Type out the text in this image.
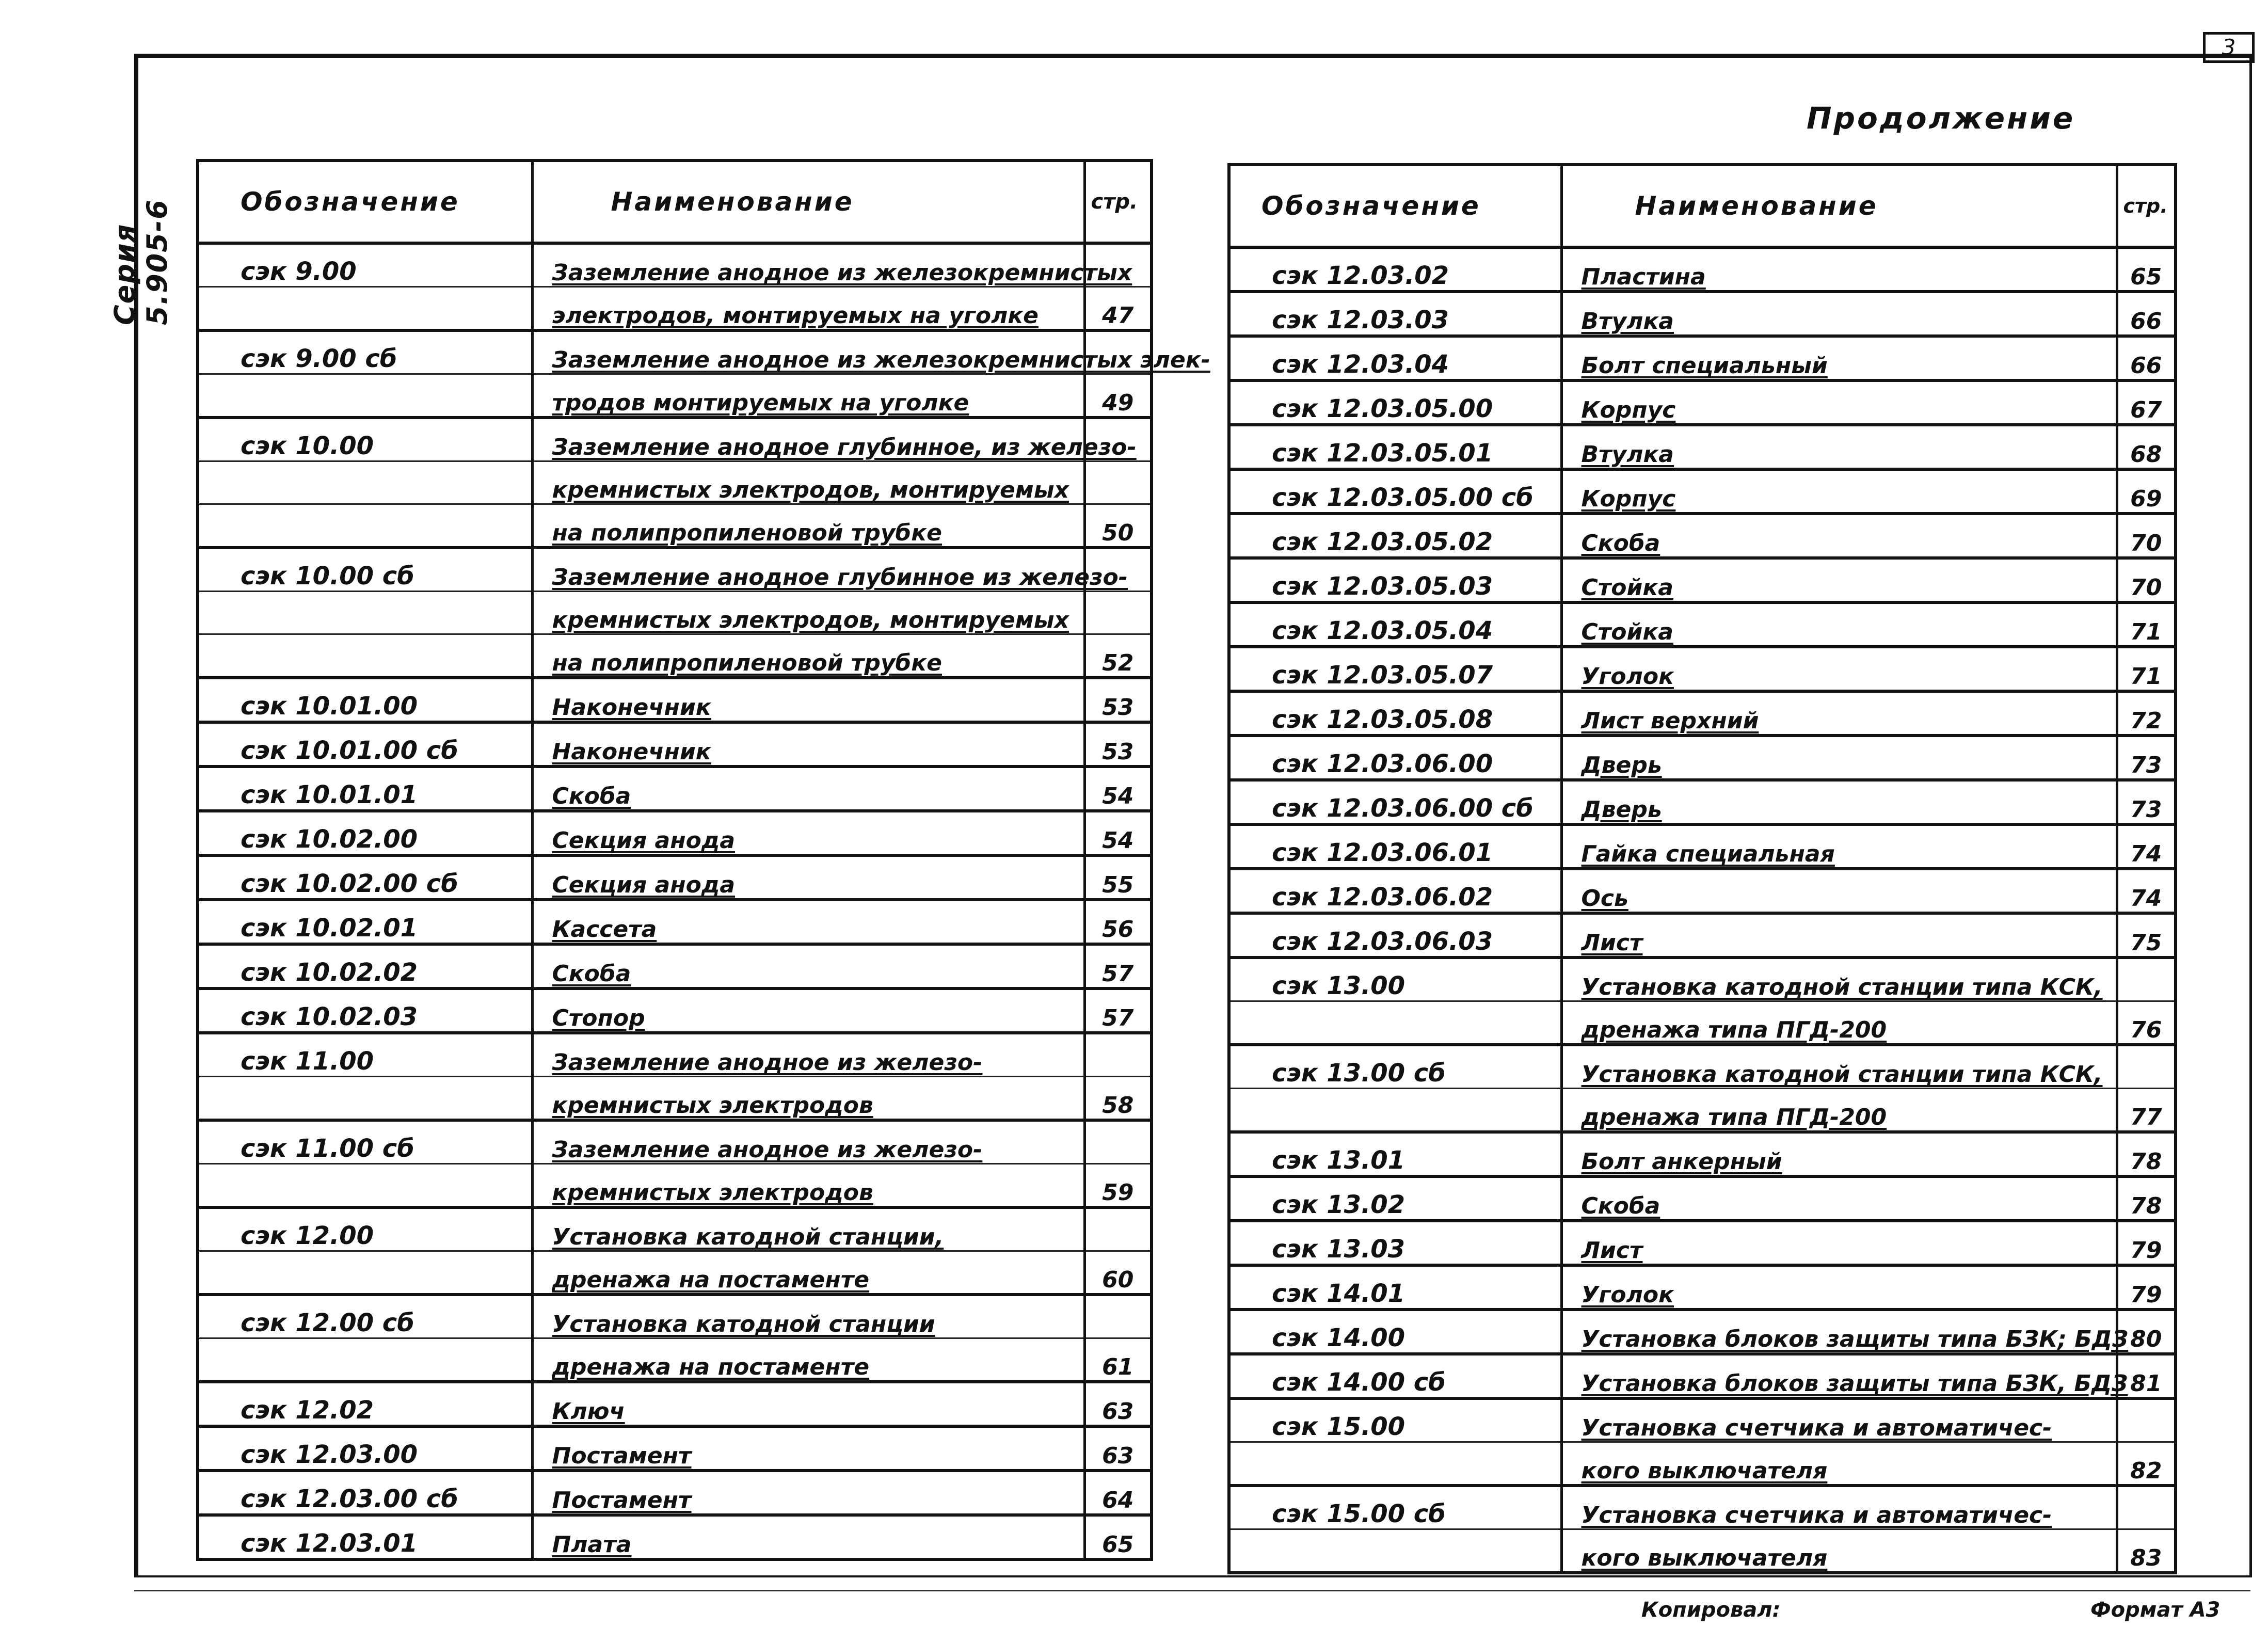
3
Серия 5.905-6
Продолжение
Обозначение	Наименование	стр.
сэк 9.00	Заземление анодное из железокремнистых	
	электродов, монтируемых на уголке	47
сэк 9.00 сб	Заземление анодное из железокремнистых элек-	
	тродов монтируемых на уголке	49
сэк 10.00	Заземление анодное глубинное, из железо-	
	кремнистых электродов, монтируемых	
	на полипропиленовой трубке	50
сэк 10.00 сб	Заземление анодное глубинное из железо-	
	кремнистых электродов, монтируемых	
	на полипропиленовой трубке	52
сэк 10.01.00	Наконечник	53
сэк 10.01.00 сб	Наконечник	53
сэк 10.01.01	Скоба	54
сэк 10.02.00	Секция анода	54
сэк 10.02.00 сб	Секция анода	55
сэк 10.02.01	Кассета	56
сэк 10.02.02	Скоба	57
сэк 10.02.03	Стопор	57
сэк 11.00	Заземление анодное из железо-	
	кремнистых электродов	58
сэк 11.00 сб	Заземление анодное из железо-	
	кремнистых электродов	59
сэк 12.00	Установка катодной станции,	
	дренажа на постаменте	60
сэк 12.00 сб	Установка катодной станции	
	дренажа на постаменте	61
сэк 12.02	Ключ	63
сэк 12.03.00	Постамент	63
сэк 12.03.00 сб	Постамент	64
сэк 12.03.01	Плата	65
Обозначение	Наименование	стр.
сэк 12.03.02	Пластина	65
сэк 12.03.03	Втулка	66
сэк 12.03.04	Болт специальный	66
сэк 12.03.05.00	Корпус	67
сэк 12.03.05.01	Втулка	68
сэк 12.03.05.00 сб	Корпус	69
сэк 12.03.05.02	Скоба	70
сэк 12.03.05.03	Стойка	70
сэк 12.03.05.04	Стойка	71
сэк 12.03.05.07	Уголок	71
сэк 12.03.05.08	Лист верхний	72
сэк 12.03.06.00	Дверь	73
сэк 12.03.06.00 сб	Дверь	73
сэк 12.03.06.01	Гайка специальная	74
сэк 12.03.06.02	Ось	74
сэк 12.03.06.03	Лист	75
сэк 13.00	Установка катодной станции типа КСК,	
	дренажа типа ПГД-200	76
сэк 13.00 сб	Установка катодной станции типа КСК,	
	дренажа типа ПГД-200	77
сэк 13.01	Болт анкерный	78
сэк 13.02	Скоба	78
сэк 13.03	Лист	79
сэк 14.01	Уголок	79
сэк 14.00	Установка блоков защиты типа БЗК; БДЗ	80
сэк 14.00 сб	Установка блоков защиты типа БЗК, БДЗ	81
сэк 15.00	Установка счетчика и автоматичес-	
	кого выключателя	82
сэк 15.00 сб	Установка счетчика и автоматичес-	
	кого выключателя	83
Копировал:	Формат А3
